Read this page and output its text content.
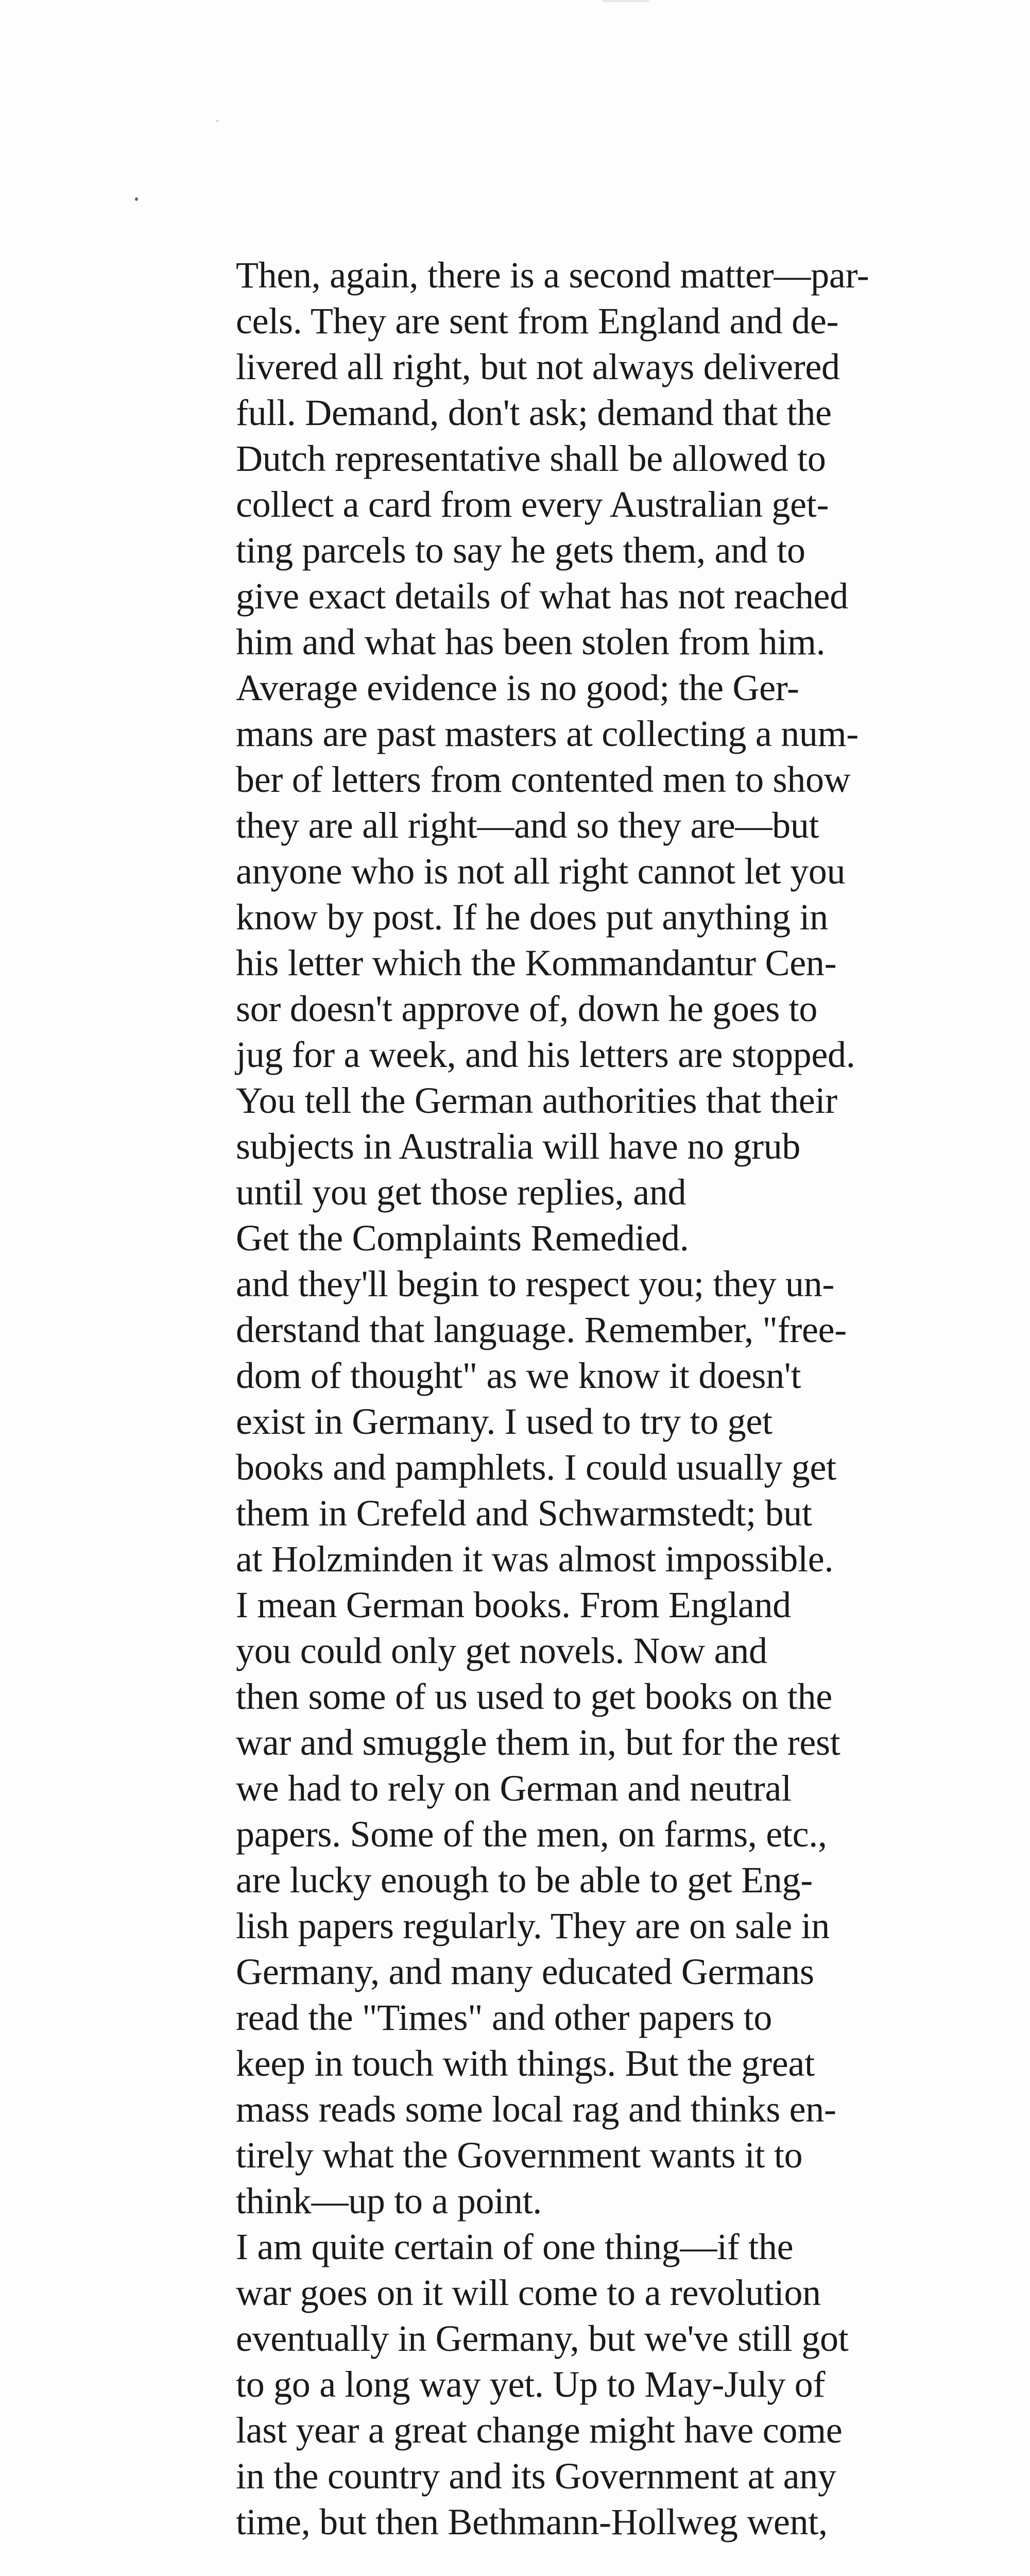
Then, again, there is a second matter—par-
cels. They are sent from England and de-
livered all right, but not always delivered
full. Demand, don't ask; demand that the
Dutch representative shall be allowed to
collect a card from every Australian get-
ting parcels to say he gets them, and to
give exact details of what has not reached
him and what has been stolen from him.
Average evidence is no good; the Ger-
mans are past masters at collecting a num-
ber of letters from contented men to show
they are all right—and so they are—but
anyone who is not all right cannot let you
know by post. If he does put anything in
his letter which the Kommandantur Cen-
sor doesn't approve of, down he goes to
jug for a week, and his letters are stopped.
You tell the German authorities that their
subjects in Australia will have no grub
until you get those replies, and
Get the Complaints Remedied.
and they'll begin to respect you; they un-
derstand that language. Remember, "free-
dom of thought" as we know it doesn't
exist in Germany. I used to try to get
books and pamphlets. I could usually get
them in Crefeld and Schwarmstedt; but
at Holzminden it was almost impossible.
I mean German books. From England
you could only get novels. Now and
then some of us used to get books on the
war and smuggle them in, but for the rest
we had to rely on German and neutral
papers. Some of the men, on farms, etc.,
are lucky enough to be able to get Eng-
lish papers regularly. They are on sale in
Germany, and many educated Germans
read the "Times" and other papers to
keep in touch with things. But the great
mass reads some local rag and thinks en-
tirely what the Government wants it to
think—up to a point.
I am quite certain of one thing—if the
war goes on it will come to a revolution
eventually in Germany, but we've still got
to go a long way yet. Up to May-July of
last year a great change might have come
in the country and its Government at any
time, but then Bethmann-Hollweg went,
